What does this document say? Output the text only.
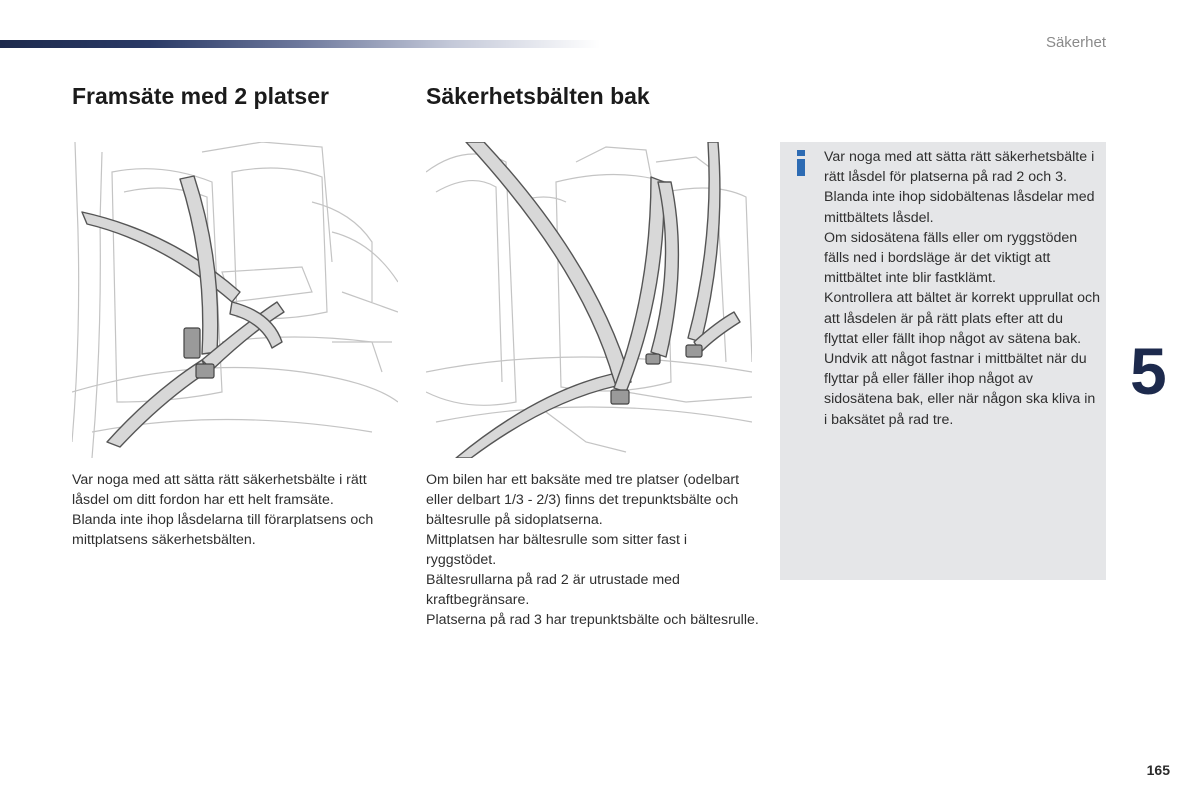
Säkerhet
Framsäte med 2 platser	Säkerhetsbälten bak

Var noga med att sätta rätt säkerhetsbälte i rätt låsdel om ditt fordon har ett helt framsäte.

Blanda inte ihop låsdelarna till förarplatsens och mittplatsens säkerhetsbälten.

Om bilen har ett baksäte med tre platser (odelbart eller delbart 1/3 - 2/3) finns det trepunktsbälte och bältesrulle på sidoplatserna.

Mittplatsen har bältesrulle som sitter fast i ryggstödet.

Bältesrullarna på rad 2 är utrustade med kraftbegränsare.

Platserna på rad 3 har trepunktsbälte och bältesrulle.

Var noga med att sätta rätt säkerhetsbälte i rätt låsdel för platserna på rad 2 och 3.

Blanda inte ihop sidobältenas låsdelar med mittbältets låsdel.

Om sidosätena fälls eller om ryggstöden fälls ned i bordsläge är det viktigt att mittbältet inte blir fastklämt.

Kontrollera att bältet är korrekt upprullat och att låsdelen är på rätt plats efter att du flyttat eller fällt ihop något av sätena bak.

Undvik att något fastnar i mittbältet när du flyttar på eller fäller ihop något av sidosätena bak, eller när någon ska kliva in i baksätet på rad tre.

5
165
